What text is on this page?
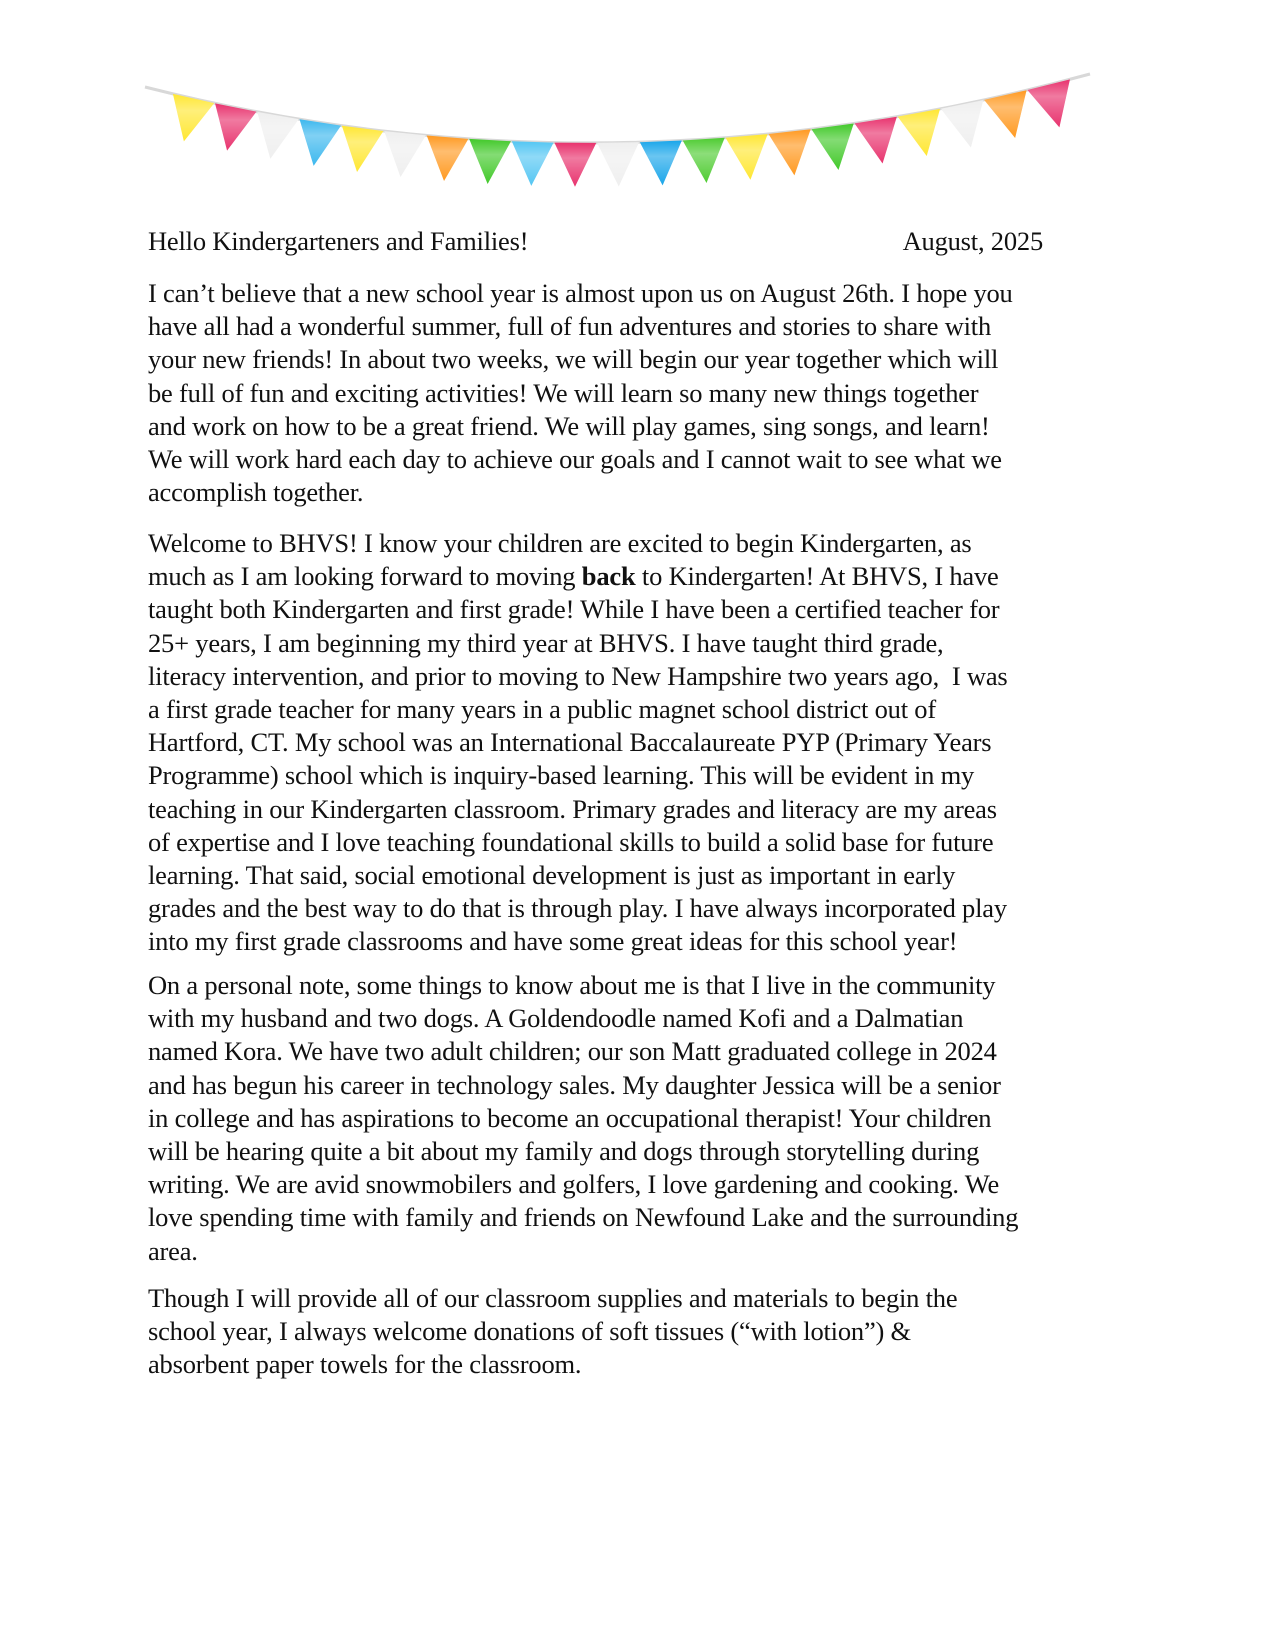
Hello Kindergarteners and Families!	August, 2025
I can’t believe that a new school year is almost upon us on August 26th. I hope you
have all had a wonderful summer, full of fun adventures and stories to share with
your new friends! In about two weeks, we will begin our year together which will
be full of fun and exciting activities! We will learn so many new things together
and work on how to be a great friend. We will play games, sing songs, and learn!
We will work hard each day to achieve our goals and I cannot wait to see what we
accomplish together.
Welcome to BHVS! I know your children are excited to begin Kindergarten, as
much as I am looking forward to moving back to Kindergarten! At BHVS, I have
taught both Kindergarten and first grade! While I have been a certified teacher for
25+ years, I am beginning my third year at BHVS. I have taught third grade,
literacy intervention, and prior to moving to New Hampshire two years ago,  I was
a first grade teacher for many years in a public magnet school district out of
Hartford, CT. My school was an International Baccalaureate PYP (Primary Years
Programme) school which is inquiry-based learning. This will be evident in my
teaching in our Kindergarten classroom. Primary grades and literacy are my areas
of expertise and I love teaching foundational skills to build a solid base for future
learning. That said, social emotional development is just as important in early
grades and the best way to do that is through play. I have always incorporated play
into my first grade classrooms and have some great ideas for this school year!
On a personal note, some things to know about me is that I live in the community
with my husband and two dogs. A Goldendoodle named Kofi and a Dalmatian
named Kora. We have two adult children; our son Matt graduated college in 2024
and has begun his career in technology sales. My daughter Jessica will be a senior
in college and has aspirations to become an occupational therapist! Your children
will be hearing quite a bit about my family and dogs through storytelling during
writing. We are avid snowmobilers and golfers, I love gardening and cooking. We
love spending time with family and friends on Newfound Lake and the surrounding
area.
Though I will provide all of our classroom supplies and materials to begin the
school year, I always welcome donations of soft tissues (“with lotion”) &
absorbent paper towels for the classroom.
